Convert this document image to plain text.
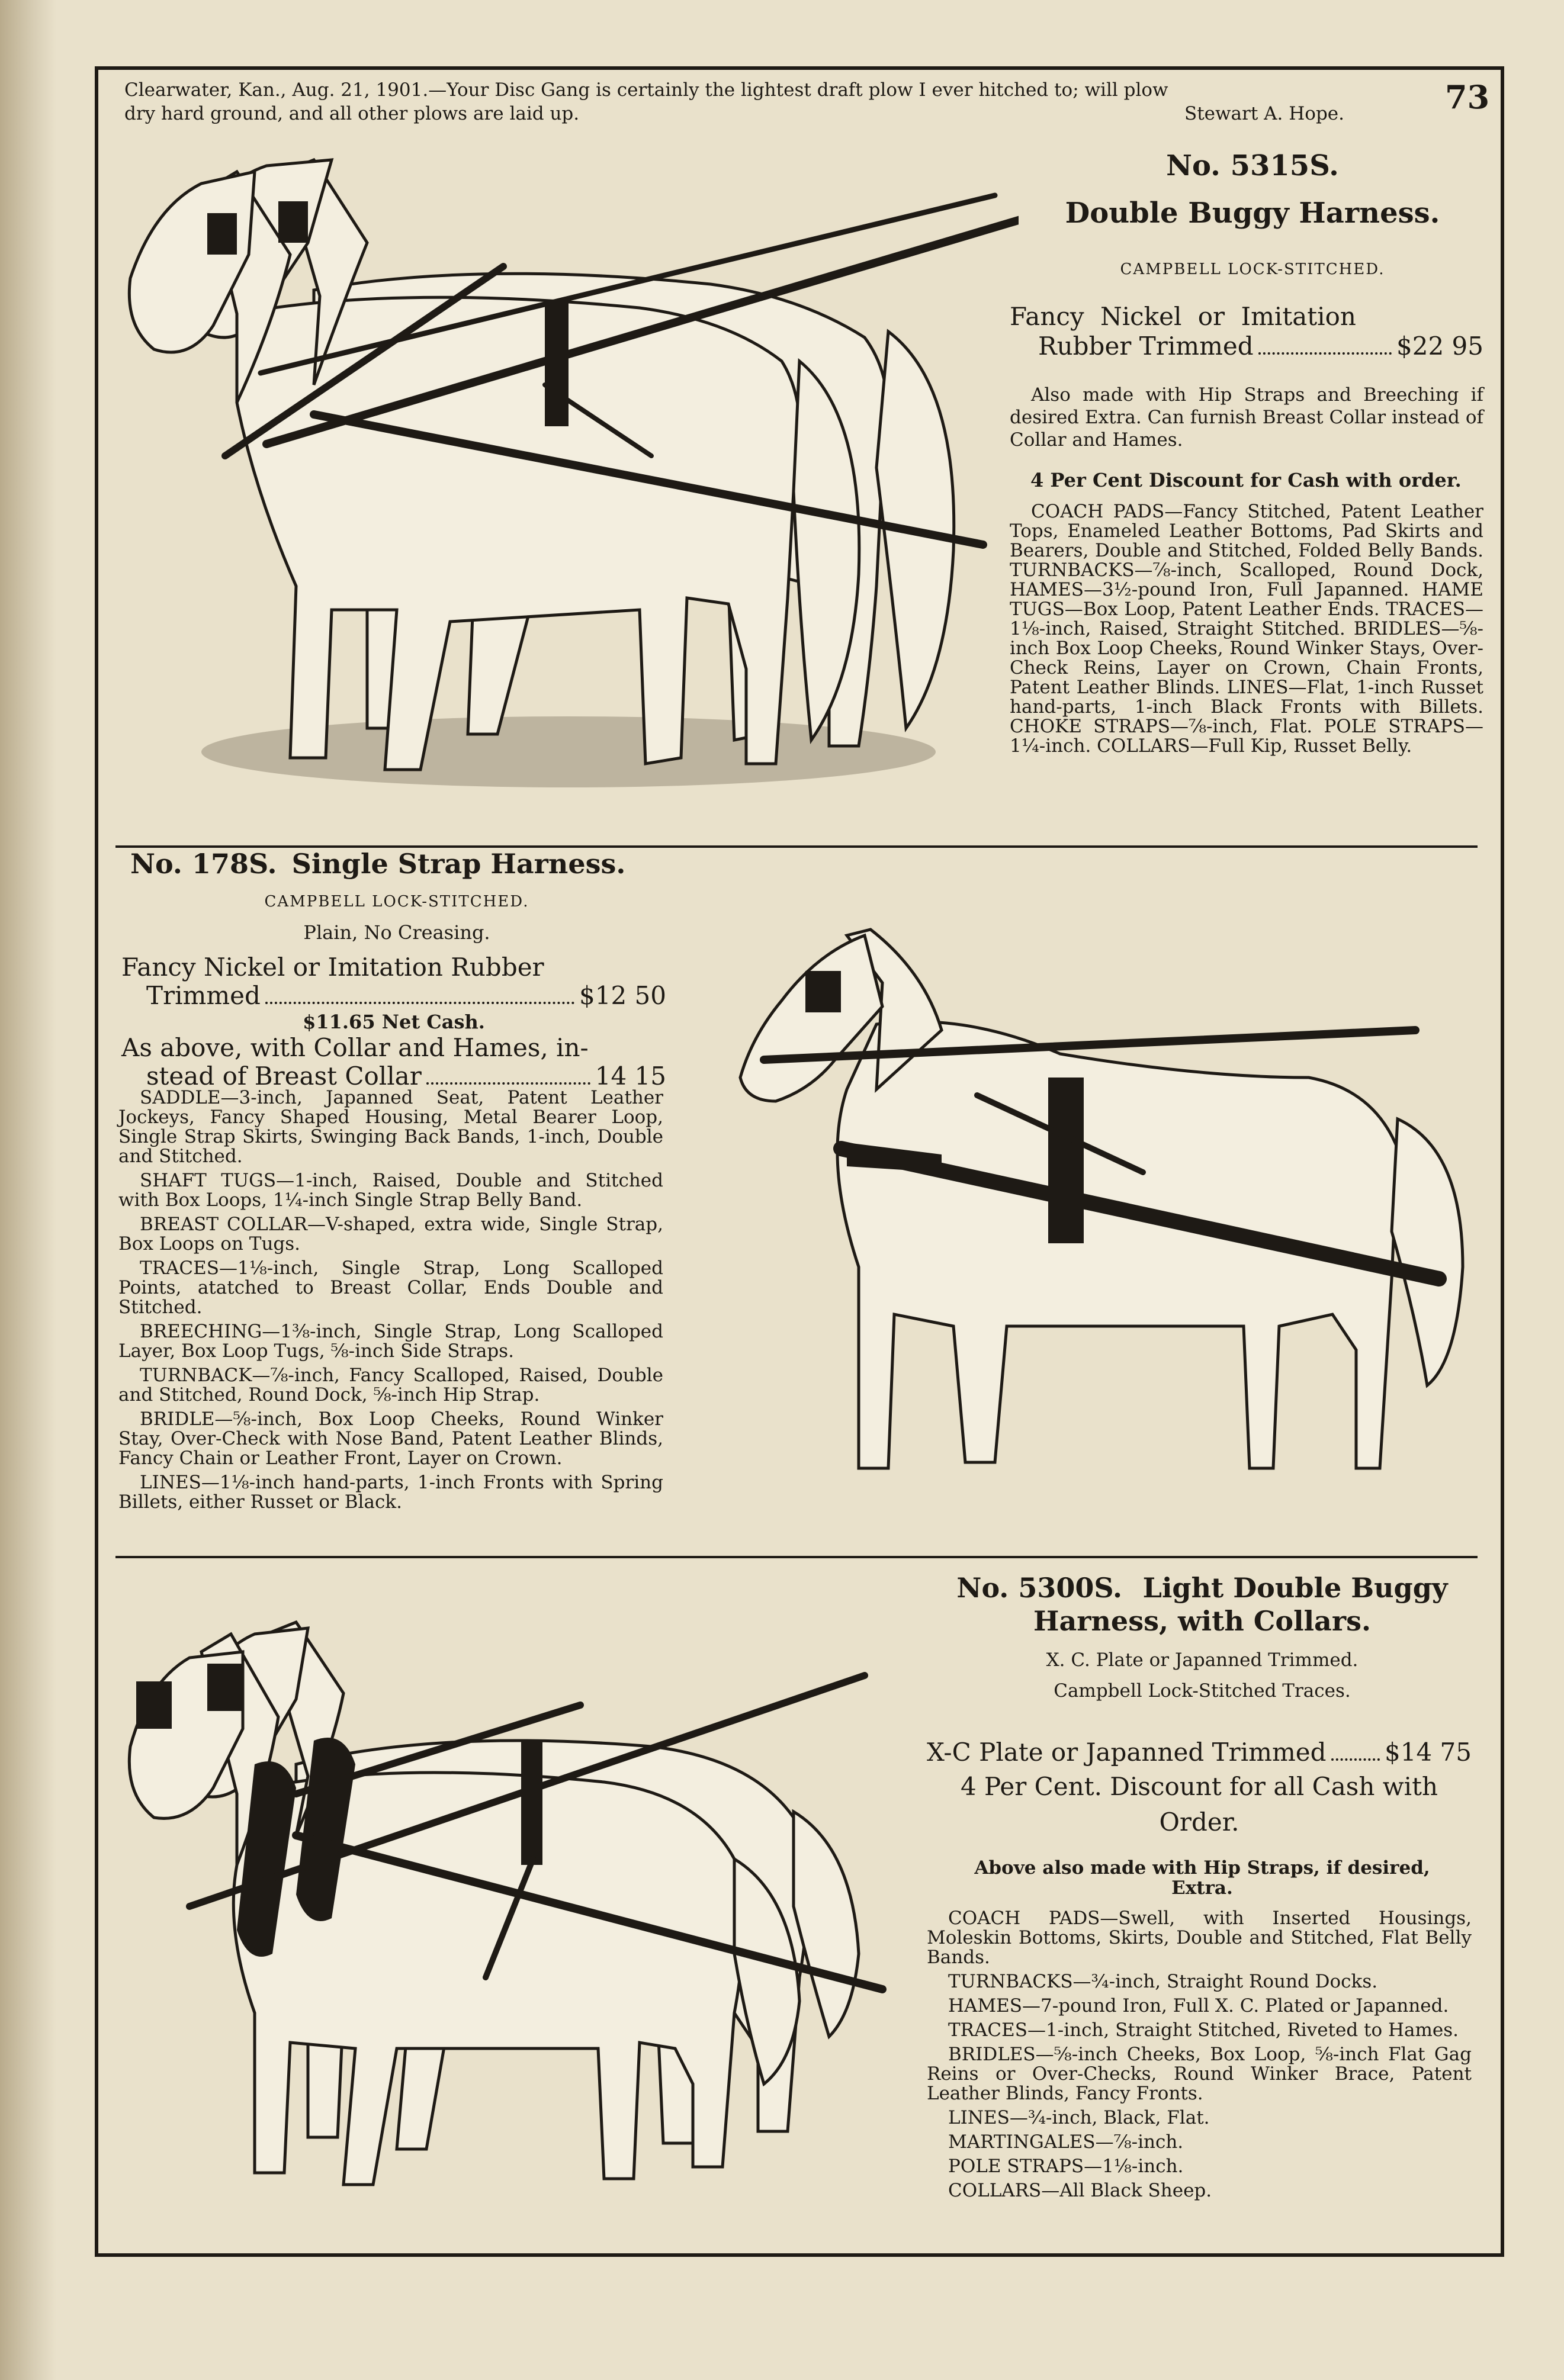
Clearwater, Kan., Aug. 21, 1901.—Your Disc Gang is certainly the lightest draft plow I ever hitched to; will plow
dry hard ground, and all other plows are laid up.	Stewart A. Hope.	73
No. 5315S.
Double Buggy Harness.
CAMPBELL LOCK-STITCHED.
Fancy Nickel or Imitation
Rubber Trimmed	$22 95
Also made with Hip Straps and Breeching if desired Extra. Can furnish Breast Collar instead of Collar and Hames.
4 Per Cent Discount for Cash with order.

COACH PADS—Fancy Stitched, Patent Leather Tops, Enameled Leather Bottoms, Pad Skirts and Bearers, Double and Stitched, Folded Belly Bands. TURNBACKS—⅞-inch, Scalloped, Round Dock, HAMES—3½-pound Iron, Full Japanned. HAME TUGS—Box Loop, Patent Leather Ends. TRACES—1⅛-inch, Raised, Straight Stitched. BRIDLES—⅝-inch Box Loop Cheeks, Round Winker Stays, Over-Check Reins, Layer on Crown, Chain Fronts, Patent Leather Blinds. LINES—Flat, 1-inch Russet hand-parts, 1-inch Black Fronts with Billets. CHOKE STRAPS—⅞-inch, Flat. POLE STRAPS—1¼-inch. COLLARS—Full Kip, Russet Belly.

No. 178S. Single Strap Harness.
CAMPBELL LOCK-STITCHED.
Plain, No Creasing.
Fancy Nickel or Imitation Rubber
Trimmed	$12 50
$11.65 Net Cash.
As above, with Collar and Hames, in-
stead of Breast Collar	14 15

SADDLE—3-inch, Japanned Seat, Patent Leather Jockeys, Fancy Shaped Housing, Metal Bearer Loop, Single Strap Skirts, Swinging Back Bands, 1-inch, Double and Stitched.

SHAFT TUGS—1-inch, Raised, Double and Stitched with Box Loops, 1¼-inch Single Strap Belly Band.

BREAST COLLAR—V-shaped, extra wide, Single Strap, Box Loops on Tugs.

TRACES—1⅛-inch, Single Strap, Long Scalloped Points, atatched to Breast Collar, Ends Double and Stitched.

BREECHING—1⅜-inch, Single Strap, Long Scalloped Layer, Box Loop Tugs, ⅝-inch Side Straps.

TURNBACK—⅞-inch, Fancy Scalloped, Raised, Double and Stitched, Round Dock, ⅝-inch Hip Strap.

BRIDLE—⅝-inch, Box Loop Cheeks, Round Winker Stay, Over-Check with Nose Band, Patent Leather Blinds, Fancy Chain or Leather Front, Layer on Crown.

LINES—1⅛-inch hand-parts, 1-inch Fronts with Spring Billets, either Russet or Black.

No. 5300S. Light Double Buggy
Harness, with Collars.
X. C. Plate or Japanned Trimmed.
Campbell Lock-Stitched Traces.
X-C Plate or Japanned Trimmed $14 75
4 Per Cent. Discount for all Cash with
Order.
Above also made with Hip Straps, if desired, Extra.

COACH PADS—Swell, with Inserted Housings, Moleskin Bottoms, Skirts, Double and Stitched, Flat Belly Bands.

TURNBACKS—¾-inch, Straight Round Docks.

HAMES—7-pound Iron, Full X. C. Plated or Japanned.

TRACES—1-inch, Straight Stitched, Riveted to Hames.

BRIDLES—⅝-inch Cheeks, Box Loop, ⅝-inch Flat Gag Reins or Over-Checks, Round Winker Brace, Patent Leather Blinds, Fancy Fronts.

LINES—¾-inch, Black, Flat.

MARTINGALES—⅞-inch.

POLE STRAPS—1⅛-inch.

COLLARS—All Black Sheep.
